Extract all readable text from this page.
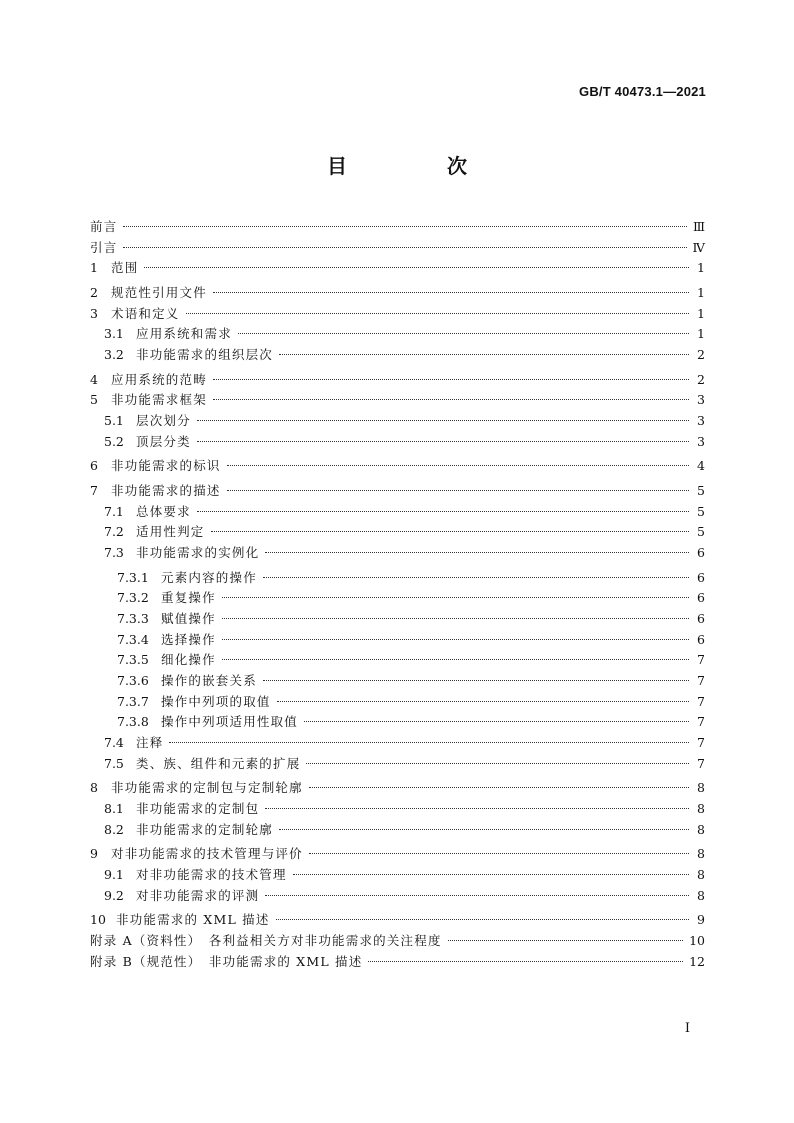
GB/T 40473.1—2021
目　次
前言	Ⅲ
引言	Ⅳ
1	范围	1
2	规范性引用文件	1
3	术语和定义	1
3.1 应用系统和需求	1
3.2 非功能需求的组织层次	2
4	应用系统的范畴	2
5	非功能需求框架	3
5.1 层次划分	3
5.2 顶层分类	3
6	非功能需求的标识	4
7	非功能需求的描述	5
7.1 总体要求	5
7.2 适用性判定	5
7.3 非功能需求的实例化	6
7.3.1 元素内容的操作	6
7.3.2 重复操作	6
7.3.3 赋值操作	6
7.3.4 选择操作	6
7.3.5 细化操作	7
7.3.6 操作的嵌套关系	7
7.3.7 操作中列项的取值	7
7.3.8 操作中列项适用性取值	7
7.4 注释	7
7.5 类、族、组件和元素的扩展	7
8	非功能需求的定制包与定制轮廓	8
8.1 非功能需求的定制包	8
8.2 非功能需求的定制轮廓	8
9	对非功能需求的技术管理与评价	8
9.1 对非功能需求的技术管理	8
9.2 对非功能需求的评测	8
10 非功能需求的 XML 描述	9
附录 A（资料性）　各利益相关方对非功能需求的关注程度	10
附录 B（规范性）　非功能需求的 XML 描述	12
I
